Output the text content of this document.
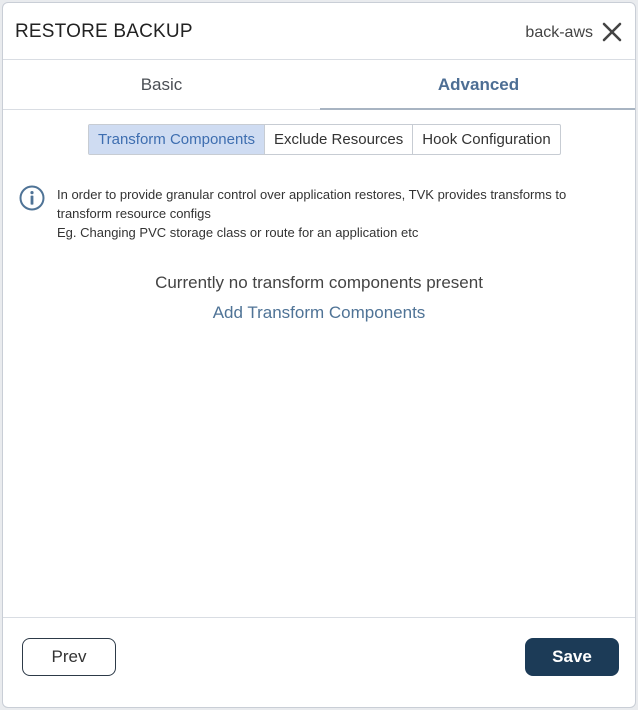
RESTORE BACKUP	back-aws
Basic	Advanced
Transform Components	Exclude Resources	Hook Configuration
In order to provide granular control over application restores, TVK provides transforms to transform resource configs
Eg. Changing PVC storage class or route for an application etc
Currently no transform components present
Add Transform Components
Prev	Save
